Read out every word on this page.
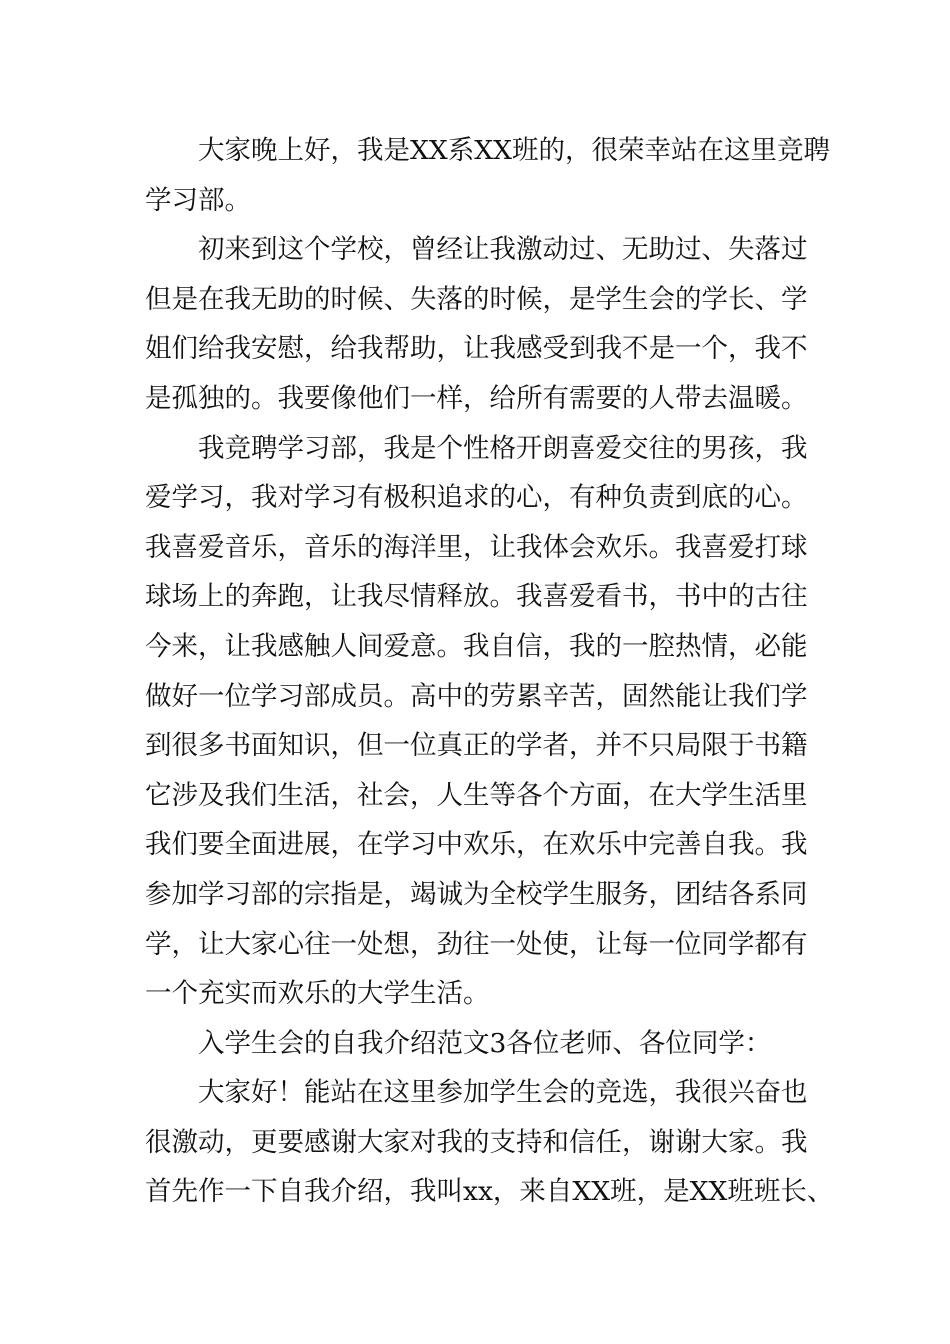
大家晚上好，我是XX系XX班的，很荣幸站在这里竞聘
学习部。
初来到这个学校，曾经让我激动过、无助过、失落过
但是在我无助的时候、失落的时候，是学生会的学长、学
姐们给我安慰，给我帮助，让我感受到我不是一个，我不
是孤独的。我要像他们一样，给所有需要的人带去温暖。
我竞聘学习部，我是个性格开朗喜爱交往的男孩，我
爱学习，我对学习有极积追求的心，有种负责到底的心。
我喜爱音乐，音乐的海洋里，让我体会欢乐。我喜爱打球
球场上的奔跑，让我尽情释放。我喜爱看书，书中的古往
今来，让我感触人间爱意。我自信，我的一腔热情，必能
做好一位学习部成员。高中的劳累辛苦，固然能让我们学
到很多书面知识，但一位真正的学者，并不只局限于书籍
它涉及我们生活，社会，人生等各个方面，在大学生活里
我们要全面进展，在学习中欢乐，在欢乐中完善自我。我
参加学习部的宗指是，竭诚为全校学生服务，团结各系同
学，让大家心往一处想，劲往一处使，让每一位同学都有
一个充实而欢乐的大学生活。
入学生会的自我介绍范文3各位老师、各位同学：
大家好！能站在这里参加学生会的竞选，我很兴奋也
很激动，更要感谢大家对我的支持和信任，谢谢大家。我
首先作一下自我介绍，我叫xx，来自XX班，是XX班班长、
